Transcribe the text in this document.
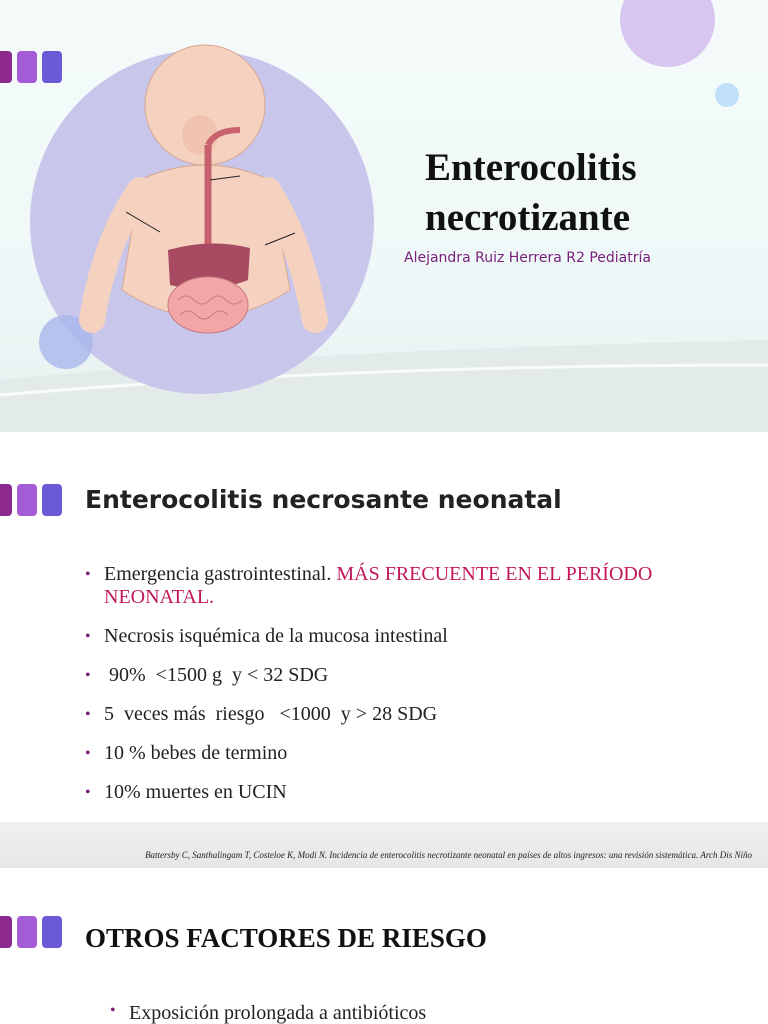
Enterocolitis
necrotizante
Alejandra Ruiz Herrera R2 Pediatría
Enterocolitis necrosante neonatal
• Emergencia gastrointestinal. MÁS FRECUENTE EN EL PERÍODO NEONATAL.
• Necrosis isquémica de la mucosa intestinal
• 90%  <1500 g  y < 32 SDG
• 5  veces más  riesgo   <1000  y > 28 SDG
• 10 % bebes de termino
• 10% muertes en UCIN

Battersby C, Santhalingam T, Costeloe K, Modi N. Incidencia de enterocolitis necrotizante neonatal en países de altos ingresos: una revisión sistemática. Arch Dis Niño

OTROS FACTORES DE RIESGO
• Exposición prolongada a antibióticos
